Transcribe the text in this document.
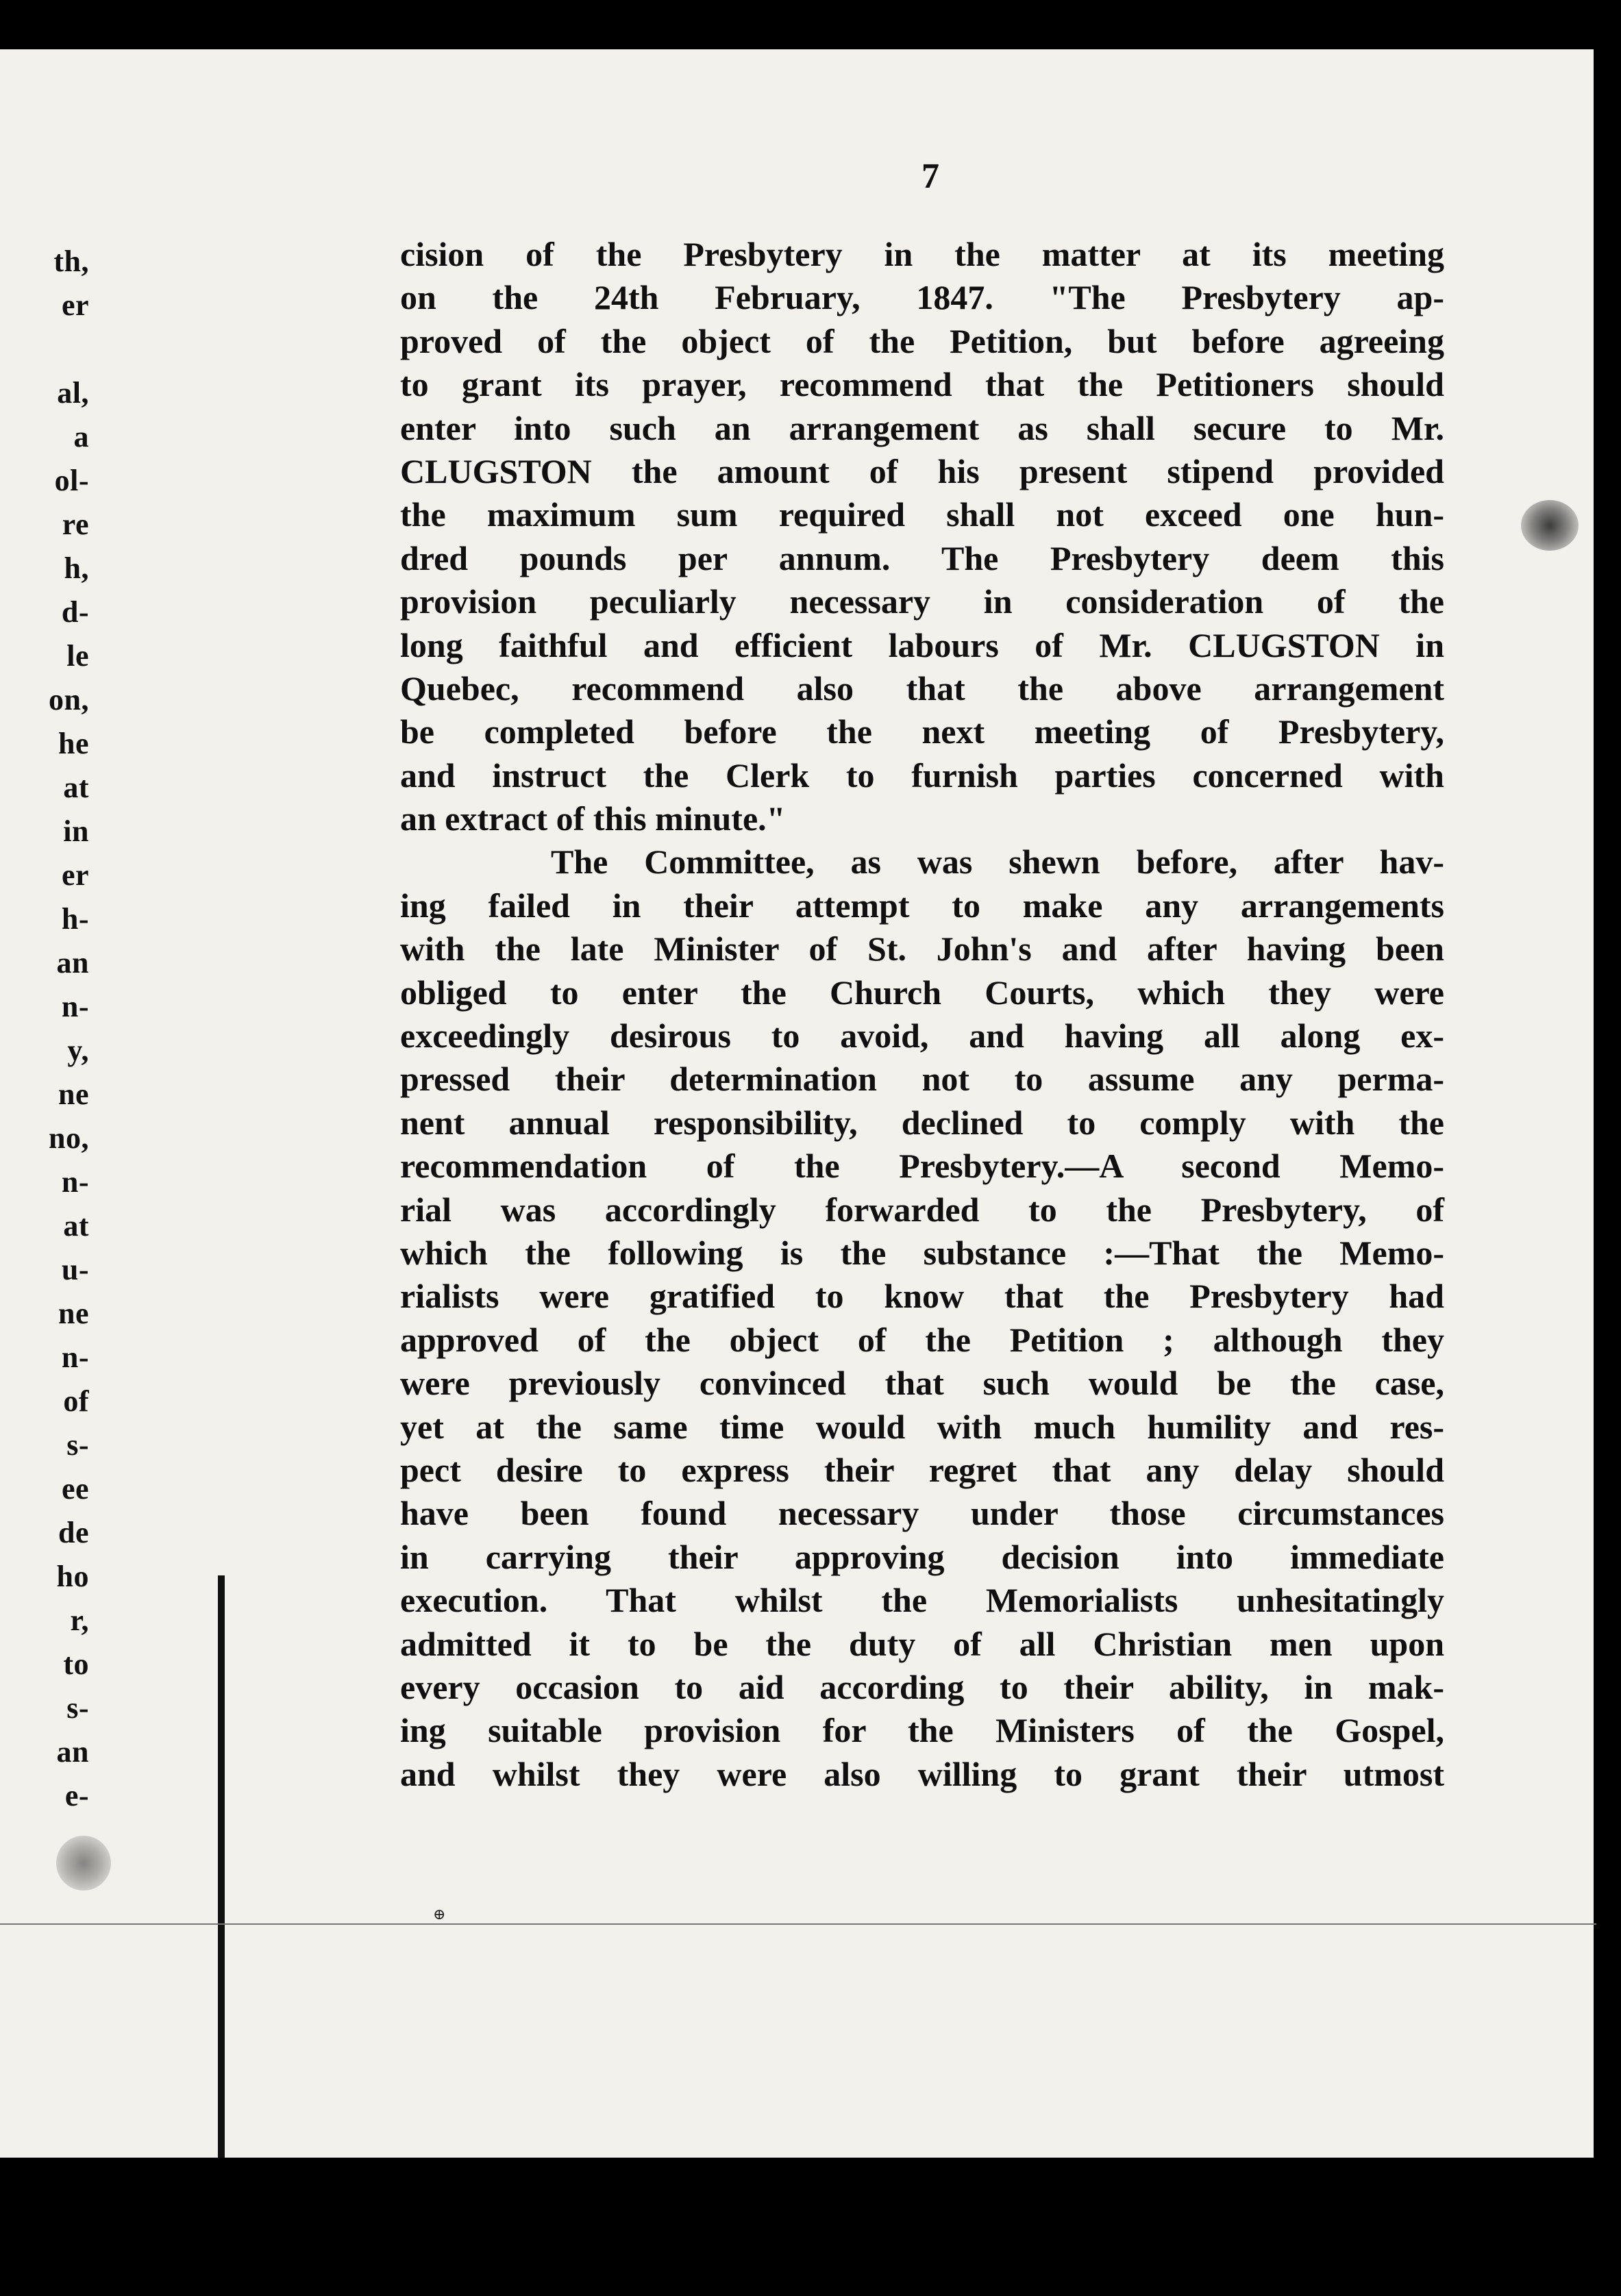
th,
er
al,
a
ol-
re
h,
d-
le
on,
he
at
in
er
h-
an
n-
y,
ne
no,
n-
at
u-
ne
n-
of
s-
ee
de
ho
r,
to
s-
an
e-
7
cision of the Presbytery in the matter at its meeting
on the 24th February, 1847. "The Presbytery ap-
proved of the object of the Petition, but before agreeing
to grant its prayer, recommend that the Petitioners should
enter into such an arrangement as shall secure to Mr.
CLUGSTON the amount of his present stipend provided
the maximum sum required shall not exceed one hun-
dred pounds per annum. The Presbytery deem this
provision peculiarly necessary in consideration of the
long faithful and efficient labours of Mr. CLUGSTON in
Quebec, recommend also that the above arrangement
be completed before the next meeting of Presbytery,
and instruct the Clerk to furnish parties concerned with
an extract of this minute."
The Committee, as was shewn before, after hav-
ing failed in their attempt to make any arrangements
with the late Minister of St. John's and after having been
obliged to enter the Church Courts, which they were
exceedingly desirous to avoid, and having all along ex-
pressed their determination not to assume any perma-
nent annual responsibility, declined to comply with the
recommendation of the Presbytery.—A second Memo-
rial was accordingly forwarded to the Presbytery, of
which the following is the substance :—That the Memo-
rialists were gratified to know that the Presbytery had
approved of the object of the Petition ; although they
were previously convinced that such would be the case,
yet at the same time would with much humility and res-
pect desire to express their regret that any delay should
have been found necessary under those circumstances
in carrying their approving decision into immediate
execution. That whilst the Memorialists unhesitatingly
admitted it to be the duty of all Christian men upon
every occasion to aid according to their ability, in mak-
ing suitable provision for the Ministers of the Gospel,
and whilst they were also willing to grant their utmost
⊕
